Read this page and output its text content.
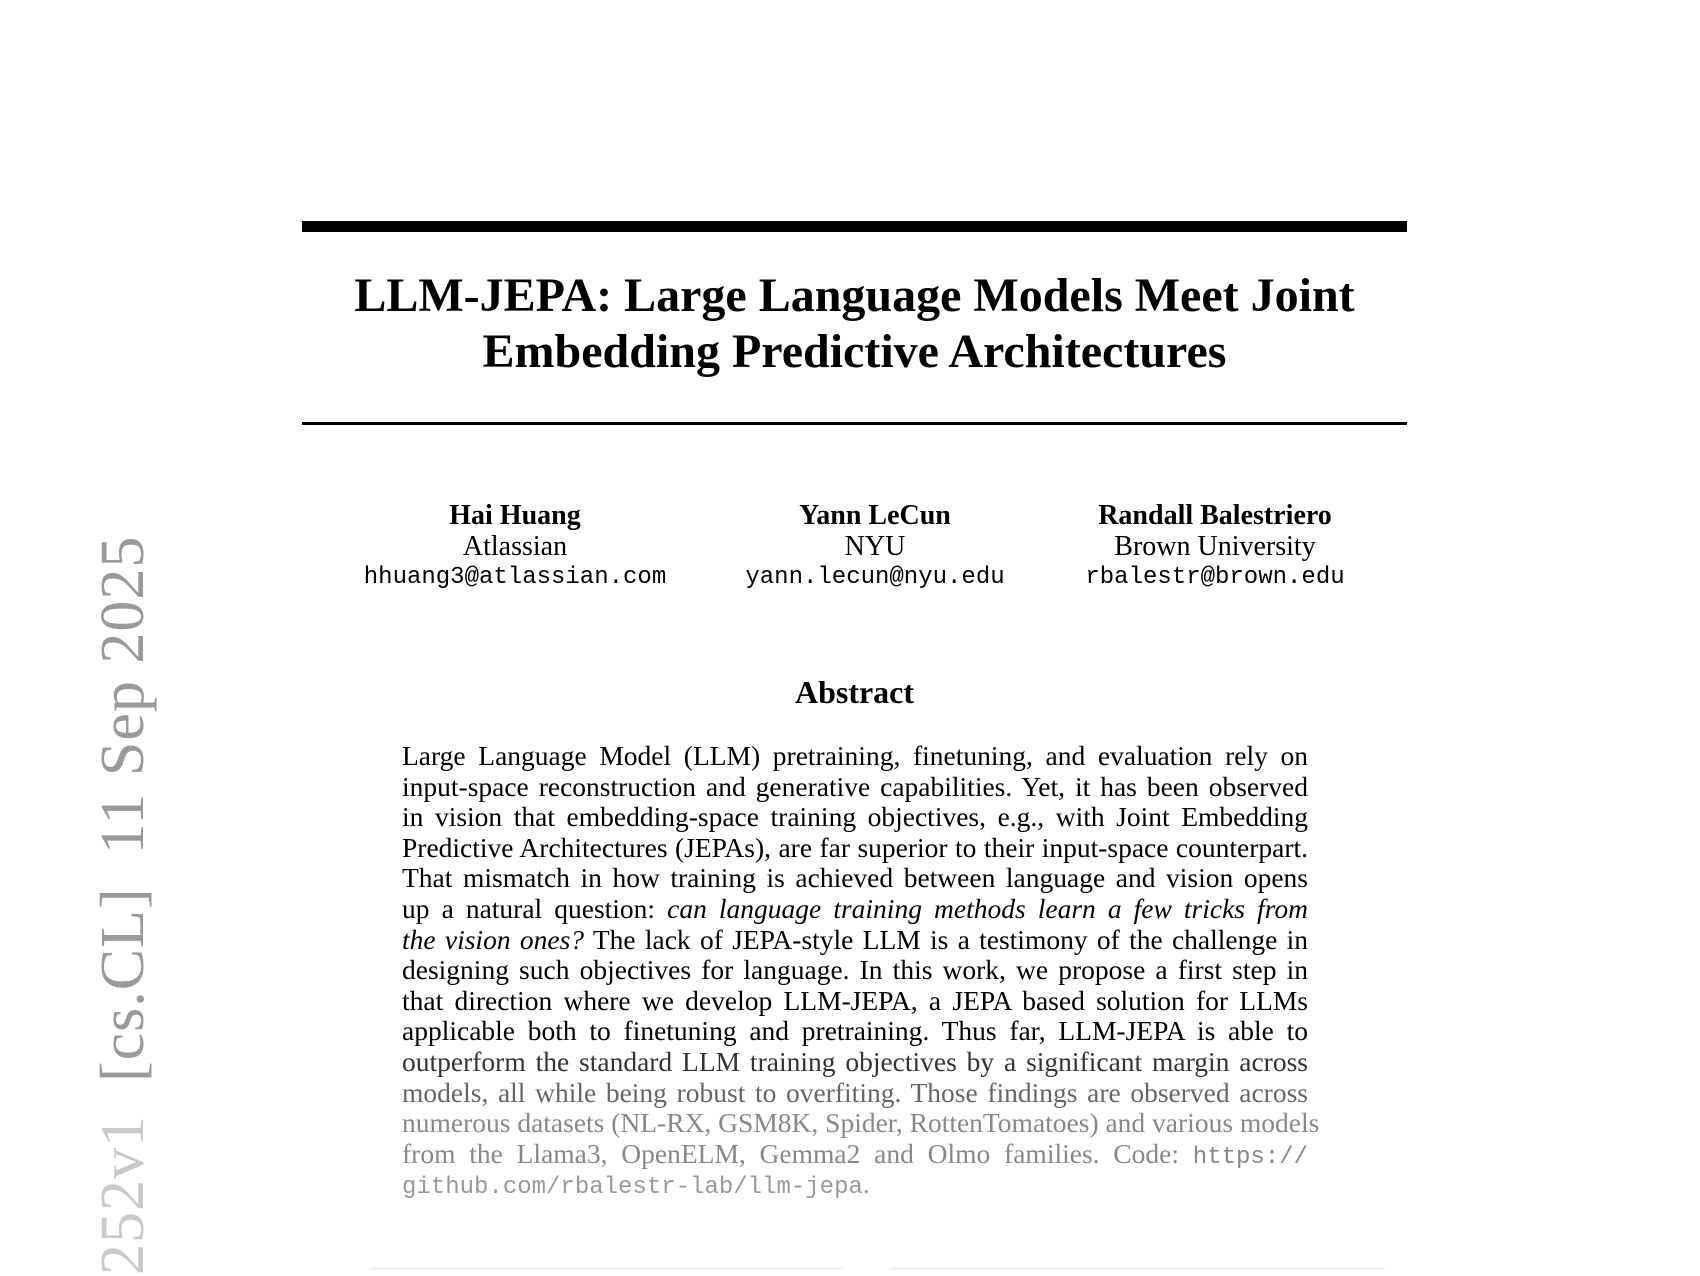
LLM-JEPA: Large Language Models Meet Joint
Embedding Predictive Architectures
Hai Huang
Atlassian
hhuang3@atlassian.com
Yann LeCun
NYU
yann.lecun@nyu.edu
Randall Balestriero
Brown University
rbalestr@brown.edu
Abstract
Large Language Model (LLM) pretraining, finetuning, and evaluation rely on
input-space reconstruction and generative capabilities. Yet, it has been observed
in vision that embedding-space training objectives, e.g., with Joint Embedding
Predictive Architectures (JEPAs), are far superior to their input-space counterpart.
That mismatch in how training is achieved between language and vision opens
up a natural question: can language training methods learn a few tricks from
the vision ones? The lack of JEPA-style LLM is a testimony of the challenge in
designing such objectives for language. In this work, we propose a first step in
that direction where we develop LLM-JEPA, a JEPA based solution for LLMs
applicable both to finetuning and pretraining. Thus far, LLM-JEPA is able to
outperform the standard LLM training objectives by a significant margin across
models, all while being robust to overfiting. Those findings are observed across
numerous datasets (NL-RX, GSM8K, Spider, RottenTomatoes) and various models
from the Llama3, OpenELM, Gemma2 and Olmo families. Code: https://
github.com/rbalestr-lab/llm-jepa.
252v1  [cs.CL]  11 Sep 2025
